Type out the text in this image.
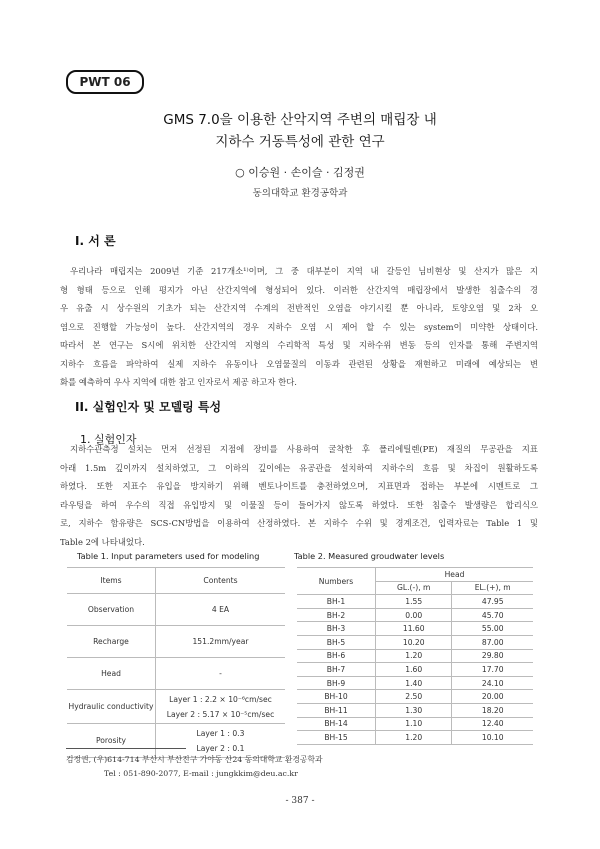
PWT 06
GMS 7.0을 이용한 산악지역 주변의 매립장 내
지하수 거동특성에 관한 연구
○ 이승원 · 손이슬 · 김정권
동의대학교 환경공학과
I. 서 론
우리나라 매립지는 2009년 기준 217개소¹⁾이며, 그 중 대부분이 지역 내 갈등인 님비현상 및 산지가 많은 지
형 형태 등으로 인해 평지가 아닌 산간지역에 형성되어 있다. 이러한 산간지역 매립장에서 발생한 침출수의 경
우 유출 시 상수원의 기초가 되는 산간지역 수계의 전반적인 오염을 야기시킬 뿐 아니라, 토양오염 및 2차 오
염으로 진행할 가능성이 높다. 산간지역의 경우 지하수 오염 시 제어 할 수 있는 system이 미약한 상태이다.
따라서 본 연구는 S시에 위치한 산간지역 지형의 수리학적 특성 및 지하수위 변동 등의 인자를 통해 주변지역
지하수 흐름을 파악하여 실제 지하수 유동이나 오염물질의 이동과 관련된 상황을 재현하고 미래에 예상되는 변
화를 예측하여 우사 지역에 대한 참고 인자로서 제공 하고자 한다.
II. 실험인자 및 모델링 특성
1. 실험인자
지하수관측정 설치는 먼저 선정된 지점에 장비를 사용하여 굴착한 후 폴리에틸렌(PE) 재질의 무공관을 지표
아래 1.5m 깊이까지 설치하였고, 그 이하의 깊이에는 유공관을 설치하여 지하수의 흐름 및 차집이 원활하도록
하였다. 또한 지표수 유입을 방지하기 위해 벤토나이트를 충전하였으며, 지표면과 접하는 부분에 시멘트로 그
라우팅을 하여 우수의 직접 유입방지 및 이물질 등이 들어가지 않도록 하였다. 또한 침출수 발생량은 합리식으
로, 지하수 함유량은 SCS-CN방법을 이용하여 산정하였다. 본 지하수 수위 및 경계조건, 입력자료는 Table 1 및
Table 2에 나타내었다.
Table 1. Input parameters used for modeling	Table 2. Measured groudwater levels
Items	Contents
Observation	4 EA
Recharge	151.2mm/year
Head	-
Hydraulic conductivity	Layer 1 : 2.2 × 10⁻⁶cm/sec
Layer 2 : 5.17 × 10⁻⁵cm/sec

Porosity	Layer 1 : 0.3
Layer 2 : 0.1
Numbers	Head	
	GL.(-), m	EL.(+), m
BH-1	1.55	47.95
BH-2	0.00	45.70
BH-3	11.60	55.00
BH-5	10.20	87.00
BH-6	1.20	29.80
BH-7	1.60	17.70
BH-9	1.40	24.10
BH-10	2.50	20.00
BH-11	1.30	18.20
BH-14	1.10	12.40
BH-15	1.20	10.10
김정권, (우)614-714 부산시 부산진구 가야동 산24 동의대학교 환경공학과
Tel : 051-890-2077, E-mail : jungkkim@deu.ac.kr
- 387 -
